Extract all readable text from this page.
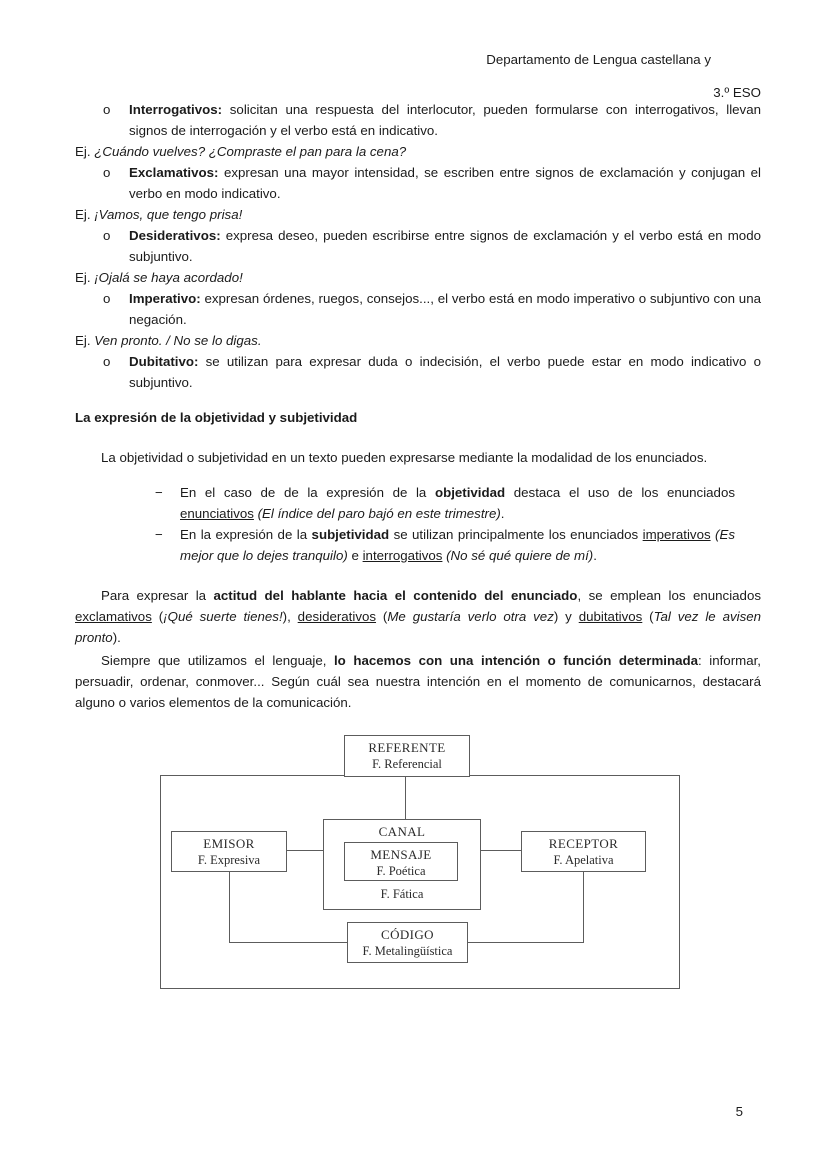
Departamento de Lengua castellana y
3.º ESO
o Interrogativos: solicitan una respuesta del interlocutor, pueden formularse con interrogativos, llevan signos de interrogación y el verbo está en indicativo.
Ej. ¿Cuándo vuelves? ¿Compraste el pan para la cena?
o Exclamativos: expresan una mayor intensidad, se escriben entre signos de exclamación y conjugan el verbo en modo indicativo.
Ej. ¡Vamos, que tengo prisa!
o Desiderativos: expresa deseo, pueden escribirse entre signos de exclamación y el verbo está en modo subjuntivo.
Ej. ¡Ojalá se haya acordado!
o Imperativo: expresan órdenes, ruegos, consejos..., el verbo está en modo imperativo o subjuntivo con una negación.
Ej. Ven pronto. / No se lo digas.
o Dubitativo: se utilizan para expresar duda o indecisión, el verbo puede estar en modo indicativo o subjuntivo.
La expresión de la objetividad y subjetividad
La objetividad o subjetividad en un texto pueden expresarse mediante la modalidad de los enunciados.
− En el caso de de la expresión de la objetividad destaca el uso de los enunciados enunciativos (El índice del paro bajó en este trimestre).
− En la expresión de la subjetividad se utilizan principalmente los enunciados imperativos (Es mejor que lo dejes tranquilo) e interrogativos (No sé qué quiere de mí).
Para expresar la actitud del hablante hacia el contenido del enunciado, se emplean los enunciados exclamativos (¡Qué suerte tienes!), desiderativos (Me gustaría verlo otra vez) y dubitativos (Tal vez le avisen pronto).
Siempre que utilizamos el lenguaje, lo hacemos con una intención o función determinada: informar, persuadir, ordenar, conmover... Según cuál sea nuestra intención en el momento de comunicarnos, destacará alguno o varios elementos de la comunicación.
REFERENTE
F. Referencial
EMISOR
F. Expresiva
CANAL
MENSAJE
F. Poética
F. Fática
RECEPTOR
F. Apelativa
CÓDIGO
F. Metalingüística
5
